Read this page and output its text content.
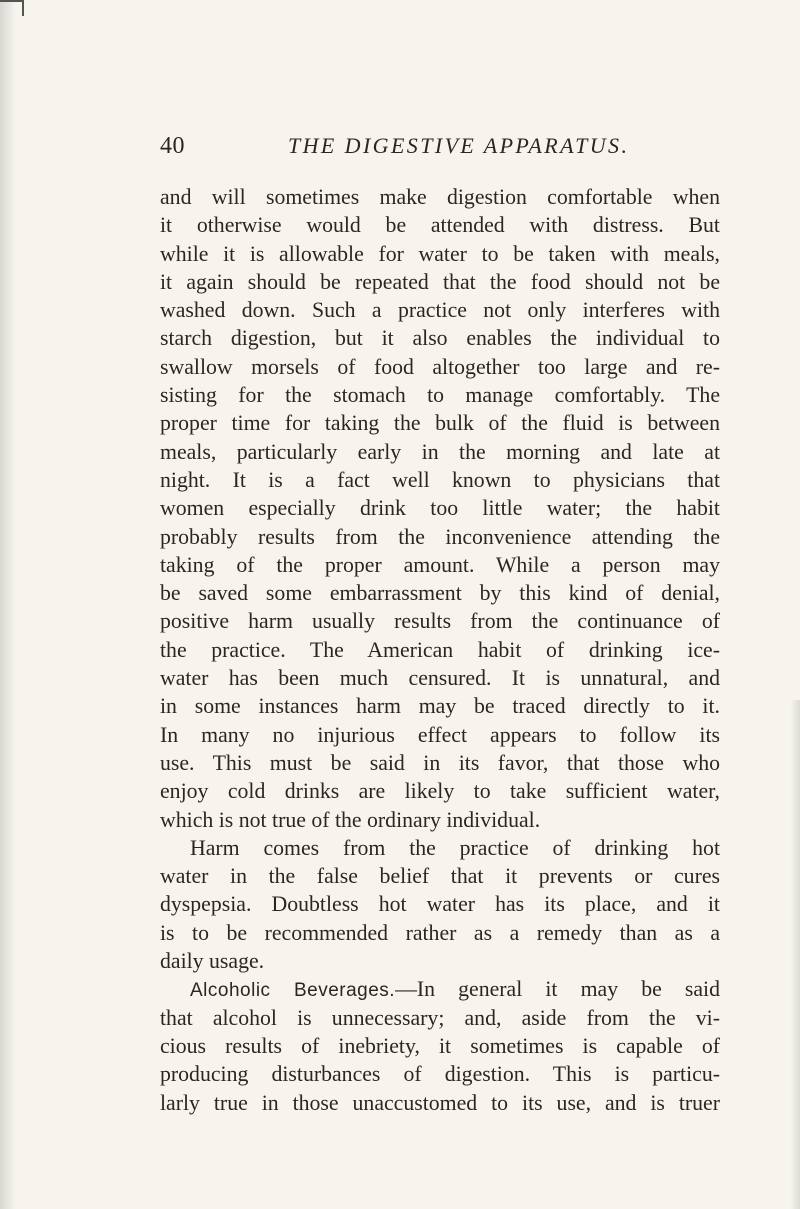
40	THE DIGESTIVE APPARATUS.
and will sometimes make digestion comfortable when
it otherwise would be attended with distress. But
while it is allowable for water to be taken with meals,
it again should be repeated that the food should not be
washed down. Such a practice not only interferes with
starch digestion, but it also enables the individual to
swallow morsels of food altogether too large and re-
sisting for the stomach to manage comfortably. The
proper time for taking the bulk of the fluid is between
meals, particularly early in the morning and late at
night. It is a fact well known to physicians that
women especially drink too little water; the habit
probably results from the inconvenience attending the
taking of the proper amount. While a person may
be saved some embarrassment by this kind of denial,
positive harm usually results from the continuance of
the practice. The American habit of drinking ice-
water has been much censured. It is unnatural, and
in some instances harm may be traced directly to it.
In many no injurious effect appears to follow its
use. This must be said in its favor, that those who
enjoy cold drinks are likely to take sufficient water,
which is not true of the ordinary individual.
Harm comes from the practice of drinking hot
water in the false belief that it prevents or cures
dyspepsia. Doubtless hot water has its place, and it
is to be recommended rather as a remedy than as a
daily usage.
Alcoholic Beverages.—In general it may be said
that alcohol is unnecessary; and, aside from the vi-
cious results of inebriety, it sometimes is capable of
producing disturbances of digestion. This is particu-
larly true in those unaccustomed to its use, and is truer
